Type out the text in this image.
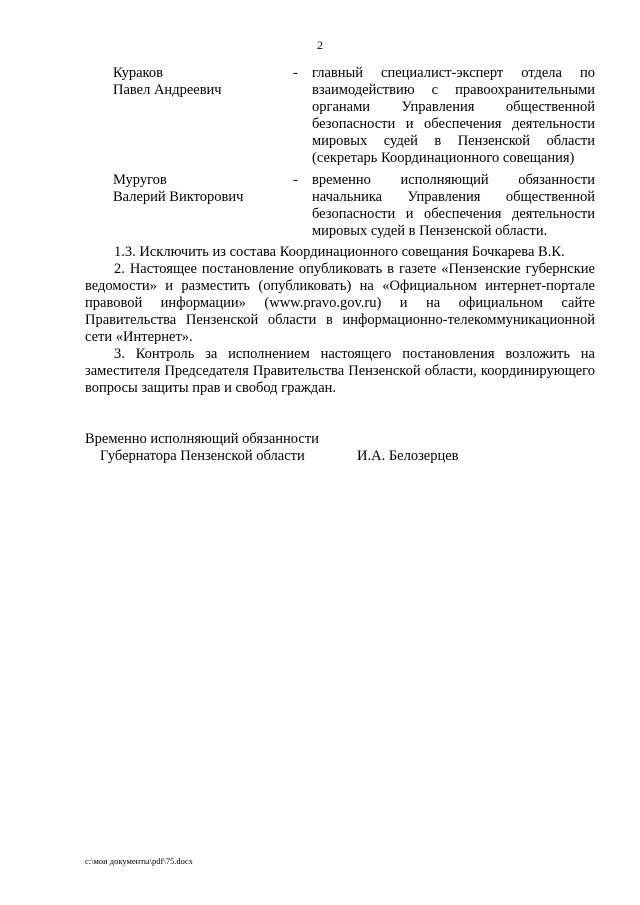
2
Кураков
Павел Андреевич
- главный специалист-эксперт отдела по взаимодействию с правоохранительными органами Управления общественной безопасности и обеспечения деятельности мировых судей в Пензенской области (секретарь Координационного совещания)
Муругов
Валерий Викторович
- временно исполняющий обязанности начальника Управления общественной безопасности и обеспечения деятельности мировых судей в Пензенской области.

1.3. Исключить из состава Координационного совещания Бочкарева В.К.

2. Настоящее постановление опубликовать в газете «Пензенские губернские ведомости» и разместить (опубликовать) на «Официальном интернет-портале правовой информации» (www.pravo.gov.ru) и на официальном сайте Правительства Пензенской области в информационно-телекоммуникационной сети «Интернет».

3. Контроль за исполнением настоящего постановления возложить на заместителя Председателя Правительства Пензенской области, координирующего вопросы защиты прав и свобод граждан.

Временно исполняющий обязанности
Губернатора Пензенской области	И.А. Белозерцев
c:\мои документы\pdf\75.docx
